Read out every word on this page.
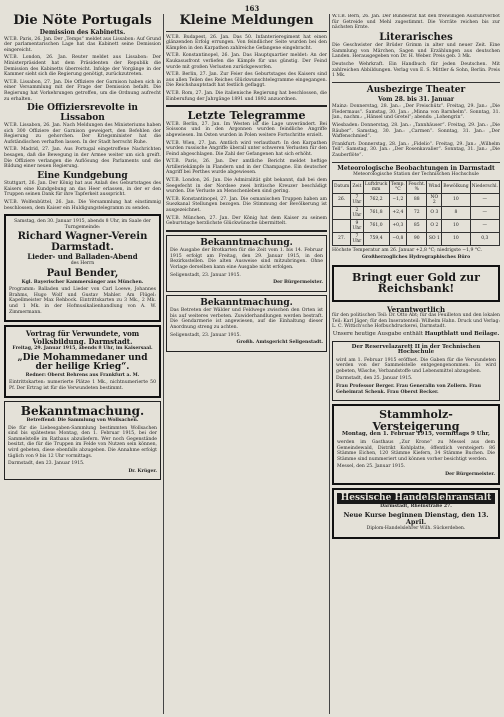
163
Die Nöte Portugals
Demission des Kabinetts.

W.T.B. Paris, 26. Jan. Der „Temps“ meldet aus Lissabon: Auf Grund der parlamentarischen Lage hat das Kabinett seine Demission eingereicht.

W.T.B. London, 26. Jan. Reuter meldet aus Lissabon: Der Ministerpräsident hat dem Präsidenten der Republik die Demission des Kabinetts überreicht. Infolge der Vorgänge in der Kammer sieht sich die Regierung genötigt, zurückzutreten.

W.T.B. Lissabon, 27. Jan. Die Offiziere der Garnison haben sich in einer Versammlung mit der Frage der Demission befaßt. Die Regierung hat Vorkehrungen getroffen, um die Ordnung aufrecht zu erhalten.

Die Offiziersrevolte in Lissabon

W.T.B. Lissabon, 26. Jan. Nach Meldungen des Ministeriums haben sich 300 Offiziere der Garnison geweigert, den Befehlen der Regierung zu gehorchen. Der Kriegsminister hat die Aufständischen verhaften lassen. In der Stadt herrscht Ruhe.

W.T.B. Madrid, 27. Jan. Aus Portugal eingetroffene Nachrichten besagen, daß die Bewegung in der Armee weiter um sich greift. Die Offiziere verlangen die Auflösung des Parlaments und die Bildung einer neuen Regierung.

Eine Kundgebung

Stuttgart, 26. Jan. Der König hat aus Anlaß des Geburtstages des Kaisers eine Kundgebung an das Heer erlassen, in der er den Truppen seinen Dank für ihre Tapferkeit ausspricht.

W.T.B. Wolfenbüttel, 26. Jan. Die Versammlung hat einstimmig beschlossen, dem Kaiser ein Huldigungstelegramm zu senden.

Samstag, den 30. Januar 1915, abends 8 Uhr, im Saale der Turngemeinde:
Richard Wagner-Verein Darmstadt.
Lieder- und Balladen-Abend
des Herrn
Paul Bender,
Kgl. Bayerischer Kammersänger aus München.

Programm: Balladen und Lieder von Carl Loewe, Johannes Brahms, Hugo Wolf und Gustav Mahler. Am Flügel: Kapellmeister Max Rehbock. Eintrittskarten zu 3 Mk., 2 Mk. und 1 Mk. in der Hofmusikalienhandlung von A. W. Zimmermann.

Vortrag für Verwundete, vom Volksbildung. Darmstadt.
Freitag, 29. Januar 1915, abends 8 Uhr, im Kaisersaal.
„Die Mohammedaner und der heilige Krieg“.
Redner: Oberst Behrens aus Frankfurt a. M.

Eintrittskarten: numerierte Plätze 1 Mk., nichtnumerierte 50 Pf. Der Ertrag ist für die Verwundeten bestimmt.

Bekanntmachung.
Betreffend: Die Sammlung von Wollsachen.

Die für die Liebesgaben-Sammlung bestimmten Wollsachen sind bis spätestens Montag, den 1. Februar 1915, bei der Sammelstelle im Rathaus abzuliefern. Wer noch Gegenstände besitzt, die für die Truppen im Felde von Nutzen sein können, wird gebeten, diese ebenfalls abzugeben. Die Annahme erfolgt täglich von 9 bis 12 Uhr vormittags.

Darmstadt, den 23. Januar 1915.
Dr. Krüger.
Kleine Meldungen

W.T.B. Budapest, 26. Jan. Das 50. Infanterieregiment hat einen glänzenden Erfolg errungen. Von feindlicher Seite wurden bei den Kämpfen in den Karpathen zahlreiche Gefangene eingebracht.

W.T.B. Konstantinopel, 26. Jan. Das Hauptquartier meldet: An der Kaukasusfront verliefen die Kämpfe für uns günstig. Der Feind wurde mit großen Verlusten zurückgeworfen.

W.T.B. Berlin, 27. Jan. Zur Feier des Geburtstages des Kaisers sind aus allen Teilen des Reiches Glückwunschtelegramme eingegangen. Die Reichshauptstadt hat festlich geflaggt.

W.T.B. Rom, 27. Jan. Die italienische Regierung hat beschlossen, die Einberufung der Jahrgänge 1891 und 1892 anzuordnen.

Letzte Telegramme

W.T.B. Berlin, 27. Jan. Im Westen ist die Lage unverändert. Bei Soissons und in den Argonnen wurden feindliche Angriffe abgewiesen. Im Osten wurden in Polen weitere Fortschritte erzielt.

W.T.B. Wien, 27. Jan. Amtlich wird verlautbart: In den Karpathen wurden russische Angriffe überall unter schweren Verlusten für den Feind abgeschlagen. Die Zahl der Gefangenen hat sich erhöht.

W.T.B. Paris, 26. Jan. Der amtliche Bericht meldet heftige Artilleriekämpfe in Flandern und in der Champagne. Ein deutscher Angriff bei Perthes wurde abgewiesen.

W.T.B. London, 26. Jan. Die Admiralität gibt bekannt, daß bei dem Seegefecht in der Nordsee zwei britische Kreuzer beschädigt wurden. Die Verluste an Menschenleben sind gering.

W.T.B. Konstantinopel, 27. Jan. Die osmanischen Truppen haben am Suezkanal Stellungen bezogen. Die Stimmung der Bevölkerung ist ausgezeichnet.

W.T.B. München, 27. Jan. Der König hat dem Kaiser zu seinem Geburtstage herzlichste Glückwünsche übermittelt.

Bekanntmachung.

Die Ausgabe der Brotkarten für die Zeit vom 1. bis 14. Februar 1915 erfolgt am Freitag, den 29. Januar 1915, in den Bezirksstellen. Die alten Ausweise sind mitzubringen. Ohne Vorlage derselben kann eine Ausgabe nicht erfolgen.

Seligenstadt, 23. Januar 1915.
Der Bürgermeister.
Bekanntmachung.

Das Betreten der Wälder und Feldwege zwischen den Orten ist bis auf weiteres verboten. Zuwiderhandlungen werden bestraft. Die Gendarmerie ist angewiesen, auf die Einhaltung dieser Anordnung streng zu achten.

Seligenstadt, 23. Januar 1915.
Großh. Amtsgericht Seligenstadt.

W.T.B. Bern, 26. Jan. Der Bundesrat hat den freiwilligen Ausfuhrverbot für Getreide und Mehl zugestimmt. Die Vorräte reichen bis zur nächsten Ernte.

Literarisches

Die Geschwister der Brüder Grimm in alter und neuer Zeit. Eine Sammlung von Märchen, Sagen und Erzählungen aus deutschen Landen. Herausgegeben von Dr. H. Weber. Preis geb. 3 Mk.

Deutsche Wehrkraft. Ein Handbuch für jeden Deutschen. Mit zahlreichen Abbildungen. Verlag von E. S. Mittler & Sohn, Berlin. Preis 1 Mk.

Ausbezirge Theater
Vom 28. bis 31. Januar

Mainz: Donnerstag, 28. Jan.: „Der Freischütz“. Freitag, 29. Jan.: „Die Fledermaus“. Samstag, 30. Jan.: „Minna von Barnhelm“. Sonntag, 31. Jan., nachm.: „Hänsel und Gretel“; abends: „Lohengrin“.

Wiesbaden: Donnerstag, 28. Jan.: „Tannhäuser“. Freitag, 29. Jan.: „Die Räuber“. Samstag, 30. Jan.: „Carmen“. Sonntag, 31. Jan.: „Der Waffenschmied“.

Frankfurt: Donnerstag, 28. Jan.: „Fidelio“. Freitag, 29. Jan.: „Wilhelm Tell“. Samstag, 30. Jan.: „Der Rosenkavalier“. Sonntag, 31. Jan.: „Die Zauberflöte“.

Meteorologische Beobachtungen in Darmstadt
Meteorologische Station der Technischen Hochschule
Datum	Zeit	Luftdruck mm	Temp. °C	Feucht. %	Wind	Bewölkung	Niederschl.
26.	7 Uhr	762,2	−1,2	88	NO 2	10	—
	2 Uhr	761,8	+2,4	72	O 3	8	—
	9 Uhr	761,0	+0,3	85	O 2	10	—
27.	7 Uhr	759,4	−0,8	90	SO 1	10	0,3
Höchste Temperatur am 26. Januar +2,8 °C; niedrigste −1,9 °C.
Großherzogliches Hydrographisches Büro
Bringt euer Gold zur Reichsbank!
Verantwortlich

für den politischen Teil: Dr. Otto Abt; für das Feuilleton und den lokalen Teil: Karl Jäger; für den Inseratenteil: Wilhelm Hahn. Druck und Verlag: L. C. Wittich'sche Hofbuchdruckerei, Darmstadt.

Unsere heutige Ausgabe enthält Hauptblatt und Beilage.
Der Reservelazarett II in der Technischen Hochschule

wird am 1. Februar 1915 eröffnet. Die Gaben für die Verwundeten werden von der Sammelstelle entgegengenommen. Es wird gebeten, Wäsche, Verbandstoffe und Lebensmittel abzugeben.

Darmstadt, den 25. Januar 1915.
Frau Professor Berger. Frau Generalin von Zollern. Frau Geheimrat Schenk. Frau Oberst Becker.
Stammholz-Versteigerung
Montag, den 1. Februar 1915, vormittags 9 Uhr,

werden im Gasthaus „Zur Krone“ zu Messel aus dem Gemeindewald, Distrikt Kohlplatte, öffentlich versteigert: 86 Stämme Eichen, 120 Stämme Kiefern, 34 Stämme Buchen. Die Stämme sind nummeriert und können vorher besichtigt werden.

Messel, den 25. Januar 1915.
Der Bürgermeister.
Hessische Handelslehranstalt
Darmstadt, Rheinstraße 27.
Neue Kurse beginnen Dienstag, den 13. April.
Diplom-Handelslehrer Wilh. Sückerdeben.
